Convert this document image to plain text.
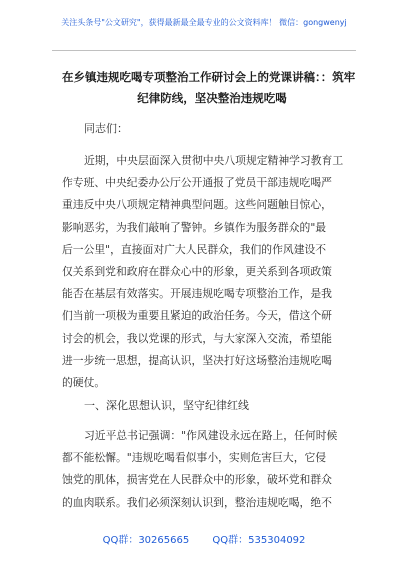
关注头条号"公文研究"，获得最新最全最专业的公文资料库！ 微信：gongwenyj
在乡镇违规吃喝专项整治工作研讨会上的党课讲稿：：筑牢
纪律防线，坚决整治违规吃喝
同志们：
近期，中央层面深入贯彻中央八项规定精神学习教育工
作专班、中央纪委办公厅公开通报了党员干部违规吃喝严
重违反中央八项规定精神典型问题。这些问题触目惊心，
影响恶劣，为我们敲响了警钟。乡镇作为服务群众的"最
后一公里"，直接面对广大人民群众，我们的作风建设不
仅关系到党和政府在群众心中的形象，更关系到各项政策
能否在基层有效落实。开展违规吃喝专项整治工作，是我
们当前一项极为重要且紧迫的政治任务。今天，借这个研
讨会的机会，我以党课的形式，与大家深入交流，希望能
进一步统一思想，提高认识，坚决打好这场整治违规吃喝
的硬仗。
一、深化思想认识，坚守纪律红线
习近平总书记强调："作风建设永远在路上，任何时候
都不能松懈。"违规吃喝看似事小，实则危害巨大，它侵
蚀党的肌体，损害党在人民群众中的形象，破坏党和群众
的血肉联系。我们必须深刻认识到，整治违规吃喝，绝不
QQ群：30265665 QQ群：535304092
